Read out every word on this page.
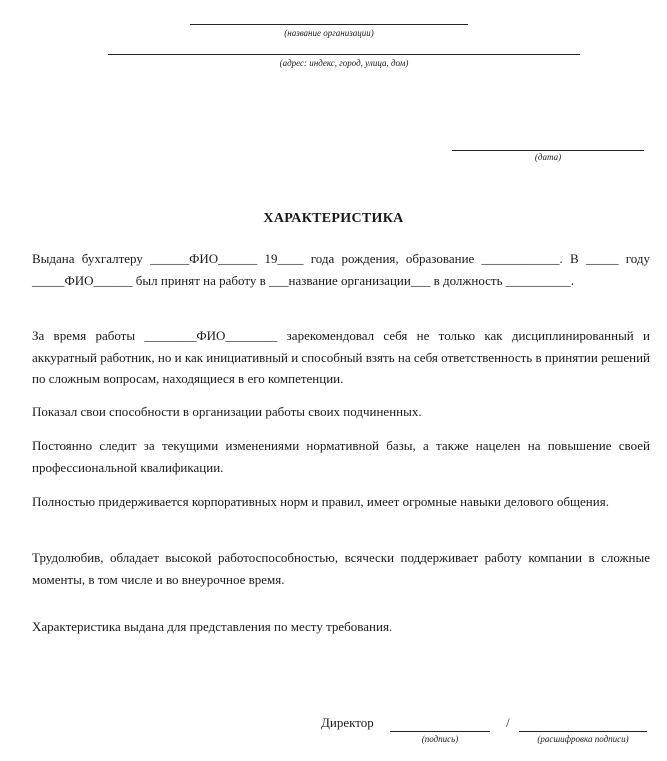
(название организации)
(адрес: индекс, город, улица, дом)
(дата)
ХАРАКТЕРИСТИКА

Выдана бухгалтеру ______ФИО______ 19____ года рождения, образование ____________. В _____ году _____ФИО______ был принят на работу в ___название организации___ в должность __________.

За время работы ________ФИО________ зарекомендовал себя не только как дисциплинированный и аккуратный работник, но и как инициативный и способный взять на себя ответственность в принятии решений по сложным вопросам, находящиеся в его компетенции.

Показал свои способности в организации работы своих подчиненных.

Постоянно следит за текущими изменениями нормативной базы, а также нацелен на повышение своей профессиональной квалификации.

Полностью придерживается корпоративных норм и правил, имеет огромные навыки делового общения.

Трудолюбив, обладает высокой работоспособностью, всячески поддерживает работу компании в сложные моменты, в том числе и во внеурочное время.

Характеристика выдана для представления по месту требования.

Директор	/
(подпись)	(расшифровка подписи)
